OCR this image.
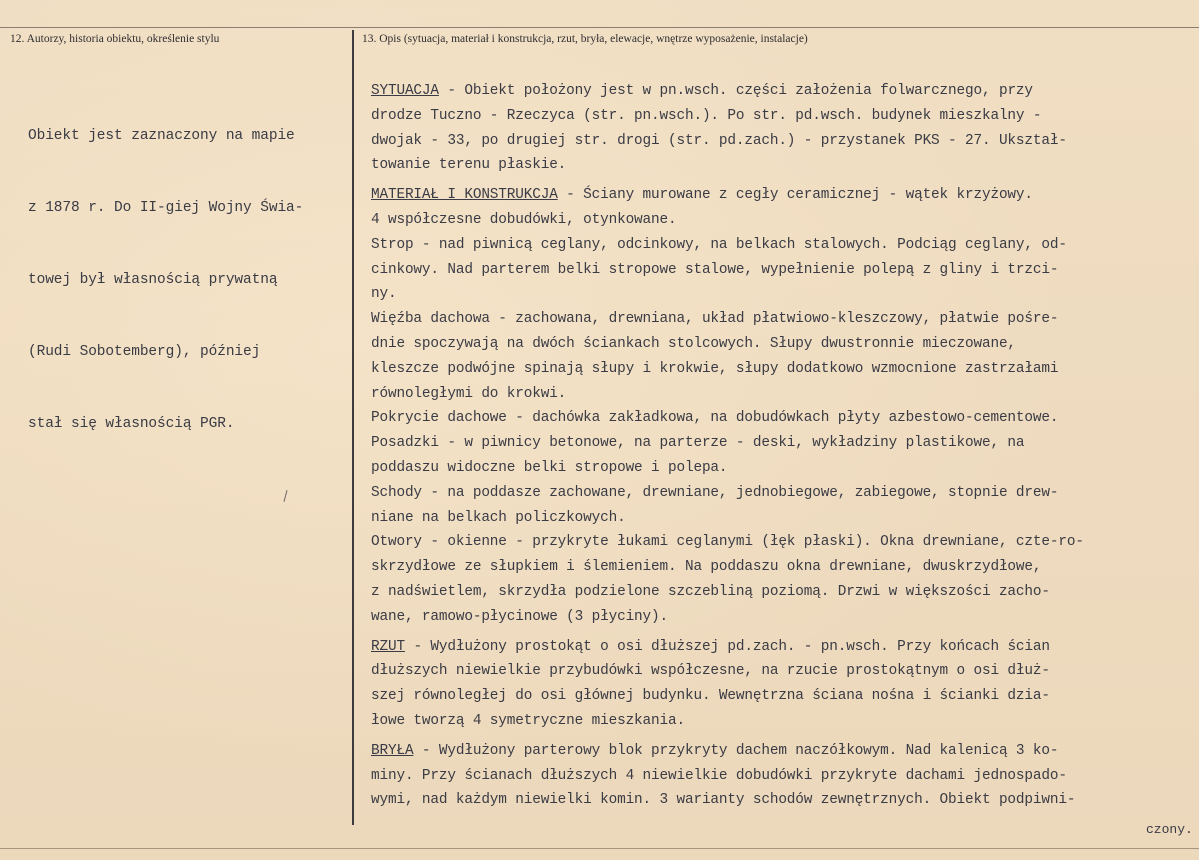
12. Autorzy, historia obiektu, określenie stylu	13. Opis (sytuacja, materiał i konstrukcja, rzut, bryła, elewacje, wnętrze wyposażenie, instalacje)

Obiekt jest zaznaczony na mapie

z 1878 r. Do II-giej Wojny Świa-

towej był własnością prywatną

(Rudi Sobotemberg), później

stał się własnością PGR.

SYTUACJA - Obiekt położony jest w pn.wsch. części założenia folwarcznego, przy
drodze Tuczno - Rzeczyca (str. pn.wsch.). Po str. pd.wsch. budynek mieszkalny -
dwojak - 33, po drugiej str. drogi (str. pd.zach.) - przystanek PKS - 27. Ukształ-
towanie terenu płaskie.
MATERIAŁ I KONSTRUKCJA - Ściany murowane z cegły ceramicznej - wątek krzyżowy.
4 współczesne dobudówki, otynkowane.
Strop - nad piwnicą ceglany, odcinkowy, na belkach stalowych. Podciąg ceglany, od-
cinkowy. Nad parterem belki stropowe stalowe, wypełnienie polepą z gliny i trzci-
ny.
Więźba dachowa - zachowana, drewniana, układ płatwiowo-kleszczowy, płatwie pośre-
dnie spoczywają na dwóch ściankach stolcowych. Słupy dwustronnie mieczowane,
kleszcze podwójne spinają słupy i krokwie, słupy dodatkowo wzmocnione zastrzałami
równoległymi do krokwi.
Pokrycie dachowe - dachówka zakładkowa, na dobudówkach płyty azbestowo-cementowe.
Posadzki - w piwnicy betonowe, na parterze - deski, wykładziny plastikowe, na
poddaszu widoczne belki stropowe i polepa.
Schody - na poddasze zachowane, drewniane, jednobiegowe, zabiegowe, stopnie drew-
niane na belkach policzkowych.
Otwory - okienne - przykryte łukami ceglanymi (łęk płaski). Okna drewniane, czte-ro-
skrzydłowe ze słupkiem i ślemieniem. Na poddaszu okna drewniane, dwuskrzydłowe,
z nadświetlem, skrzydła podzielone szczebliną poziomą. Drzwi w większości zacho-
wane, ramowo-płycinowe (3 płyciny).
RZUT - Wydłużony prostokąt o osi dłuższej pd.zach. - pn.wsch. Przy końcach ścian
dłuższych niewielkie przybudówki współczesne, na rzucie prostokątnym o osi dłuż-
szej równoległej do osi głównej budynku. Wewnętrzna ściana nośna i ścianki dzia-
łowe tworzą 4 symetryczne mieszkania.
BRYŁA - Wydłużony parterowy blok przykryty dachem naczółkowym. Nad kalenicą 3 ko-
miny. Przy ścianach dłuższych 4 niewielkie dobudówki przykryte dachami jednospado-
wymi, nad każdym niewielki komin. 3 warianty schodów zewnętrznych. Obiekt podpiwni-
czony.
